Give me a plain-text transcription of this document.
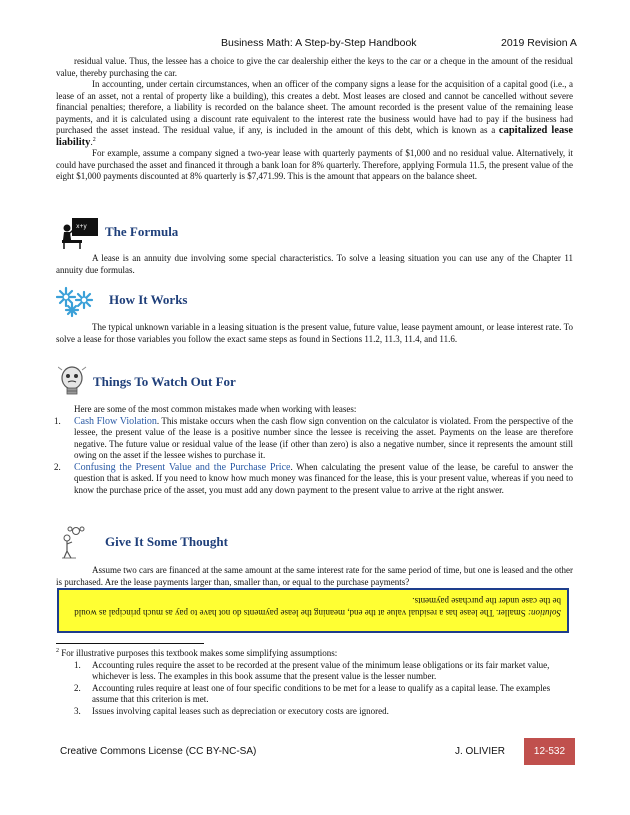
Business Math: A Step-by-Step Handbook	2019 Revision A

residual value. Thus, the lessee has a choice to give the car dealership either the keys to the car or a cheque in the amount of the residual value, thereby purchasing the car.

In accounting, under certain circumstances, when an officer of the company signs a lease for the acquisition of a capital good (i.e., a lease of an asset, not a rental of property like a building), this creates a debt. Most leases are closed and cannot be cancelled without severe financial penalties; therefore, a liability is recorded on the balance sheet. The amount recorded is the present value of the remaining lease payments, and it is calculated using a discount rate equivalent to the interest rate the business would have had to pay if the business had purchased the asset instead. The residual value, if any, is included in the amount of this debt, which is known as a capitalized lease liability.$^2$

For example, assume a company signed a two-year lease with quarterly payments of $1,000 and no residual value. Alternatively, it could have purchased the asset and financed it through a bank loan for 8% quarterly. Therefore, applying Formula 11.5, the present value of the eight $1,000 payments discounted at 8% quarterly is $7,471.99. This is the amount that appears on the balance sheet.

x+y The Formula

A lease is an annuity due involving some special characteristics. To solve a leasing situation you can use any of the Chapter 11 annuity due formulas.

How It Works

The typical unknown variable in a leasing situation is the present value, future value, lease payment amount, or lease interest rate. To solve a lease for those variables you follow the exact same steps as found in Sections 11.2, 11.3, 11.4, and 11.6.

Things To Watch Out For

Here are some of the most common mistakes made when working with leases:

1. Cash Flow Violation. This mistake occurs when the cash flow sign convention on the calculator is violated. From the perspective of the lessee, the present value of the lease is a positive number since the lessee is receiving the asset. Payments on the lease are therefore negative. The future value or residual value of the lease (if other than zero) is also a negative number, since it represents the amount still owing on the asset if the lessee wishes to purchase it.
2. Confusing the Present Value and the Purchase Price. When calculating the present value of the lease, be careful to answer the question that is asked. If you need to know how much money was financed for the lease, this is your present value, whereas if you need to know the purchase price of the asset, you must add any down payment to the present value to arrive at the right answer.
Give It Some Thought

Assume two cars are financed at the same amount at the same interest rate for the same period of time, but one is leased and the other is purchased. Are the lease payments larger than, smaller than, or equal to the purchase payments?

Solution: Smaller. The lease has a residual value at the end, meaning the lease payments do not have to pay as much principal as would be the case under the purchase payments.

$^2$ For illustrative purposes this textbook makes some simplifying assumptions:

1. Accounting rules require the asset to be recorded at the present value of the minimum lease obligations or its fair market value, whichever is less. The examples in this book assume that the present value is the lesser number.
2. Accounting rules require at least one of four specific conditions to be met for a lease to qualify as a capital lease. The examples assume that this criterion is met.
3. Issues involving capital leases such as depreciation or executory costs are ignored.
Creative Commons License (CC BY-NC-SA)	J. OLIVIER	12-532
